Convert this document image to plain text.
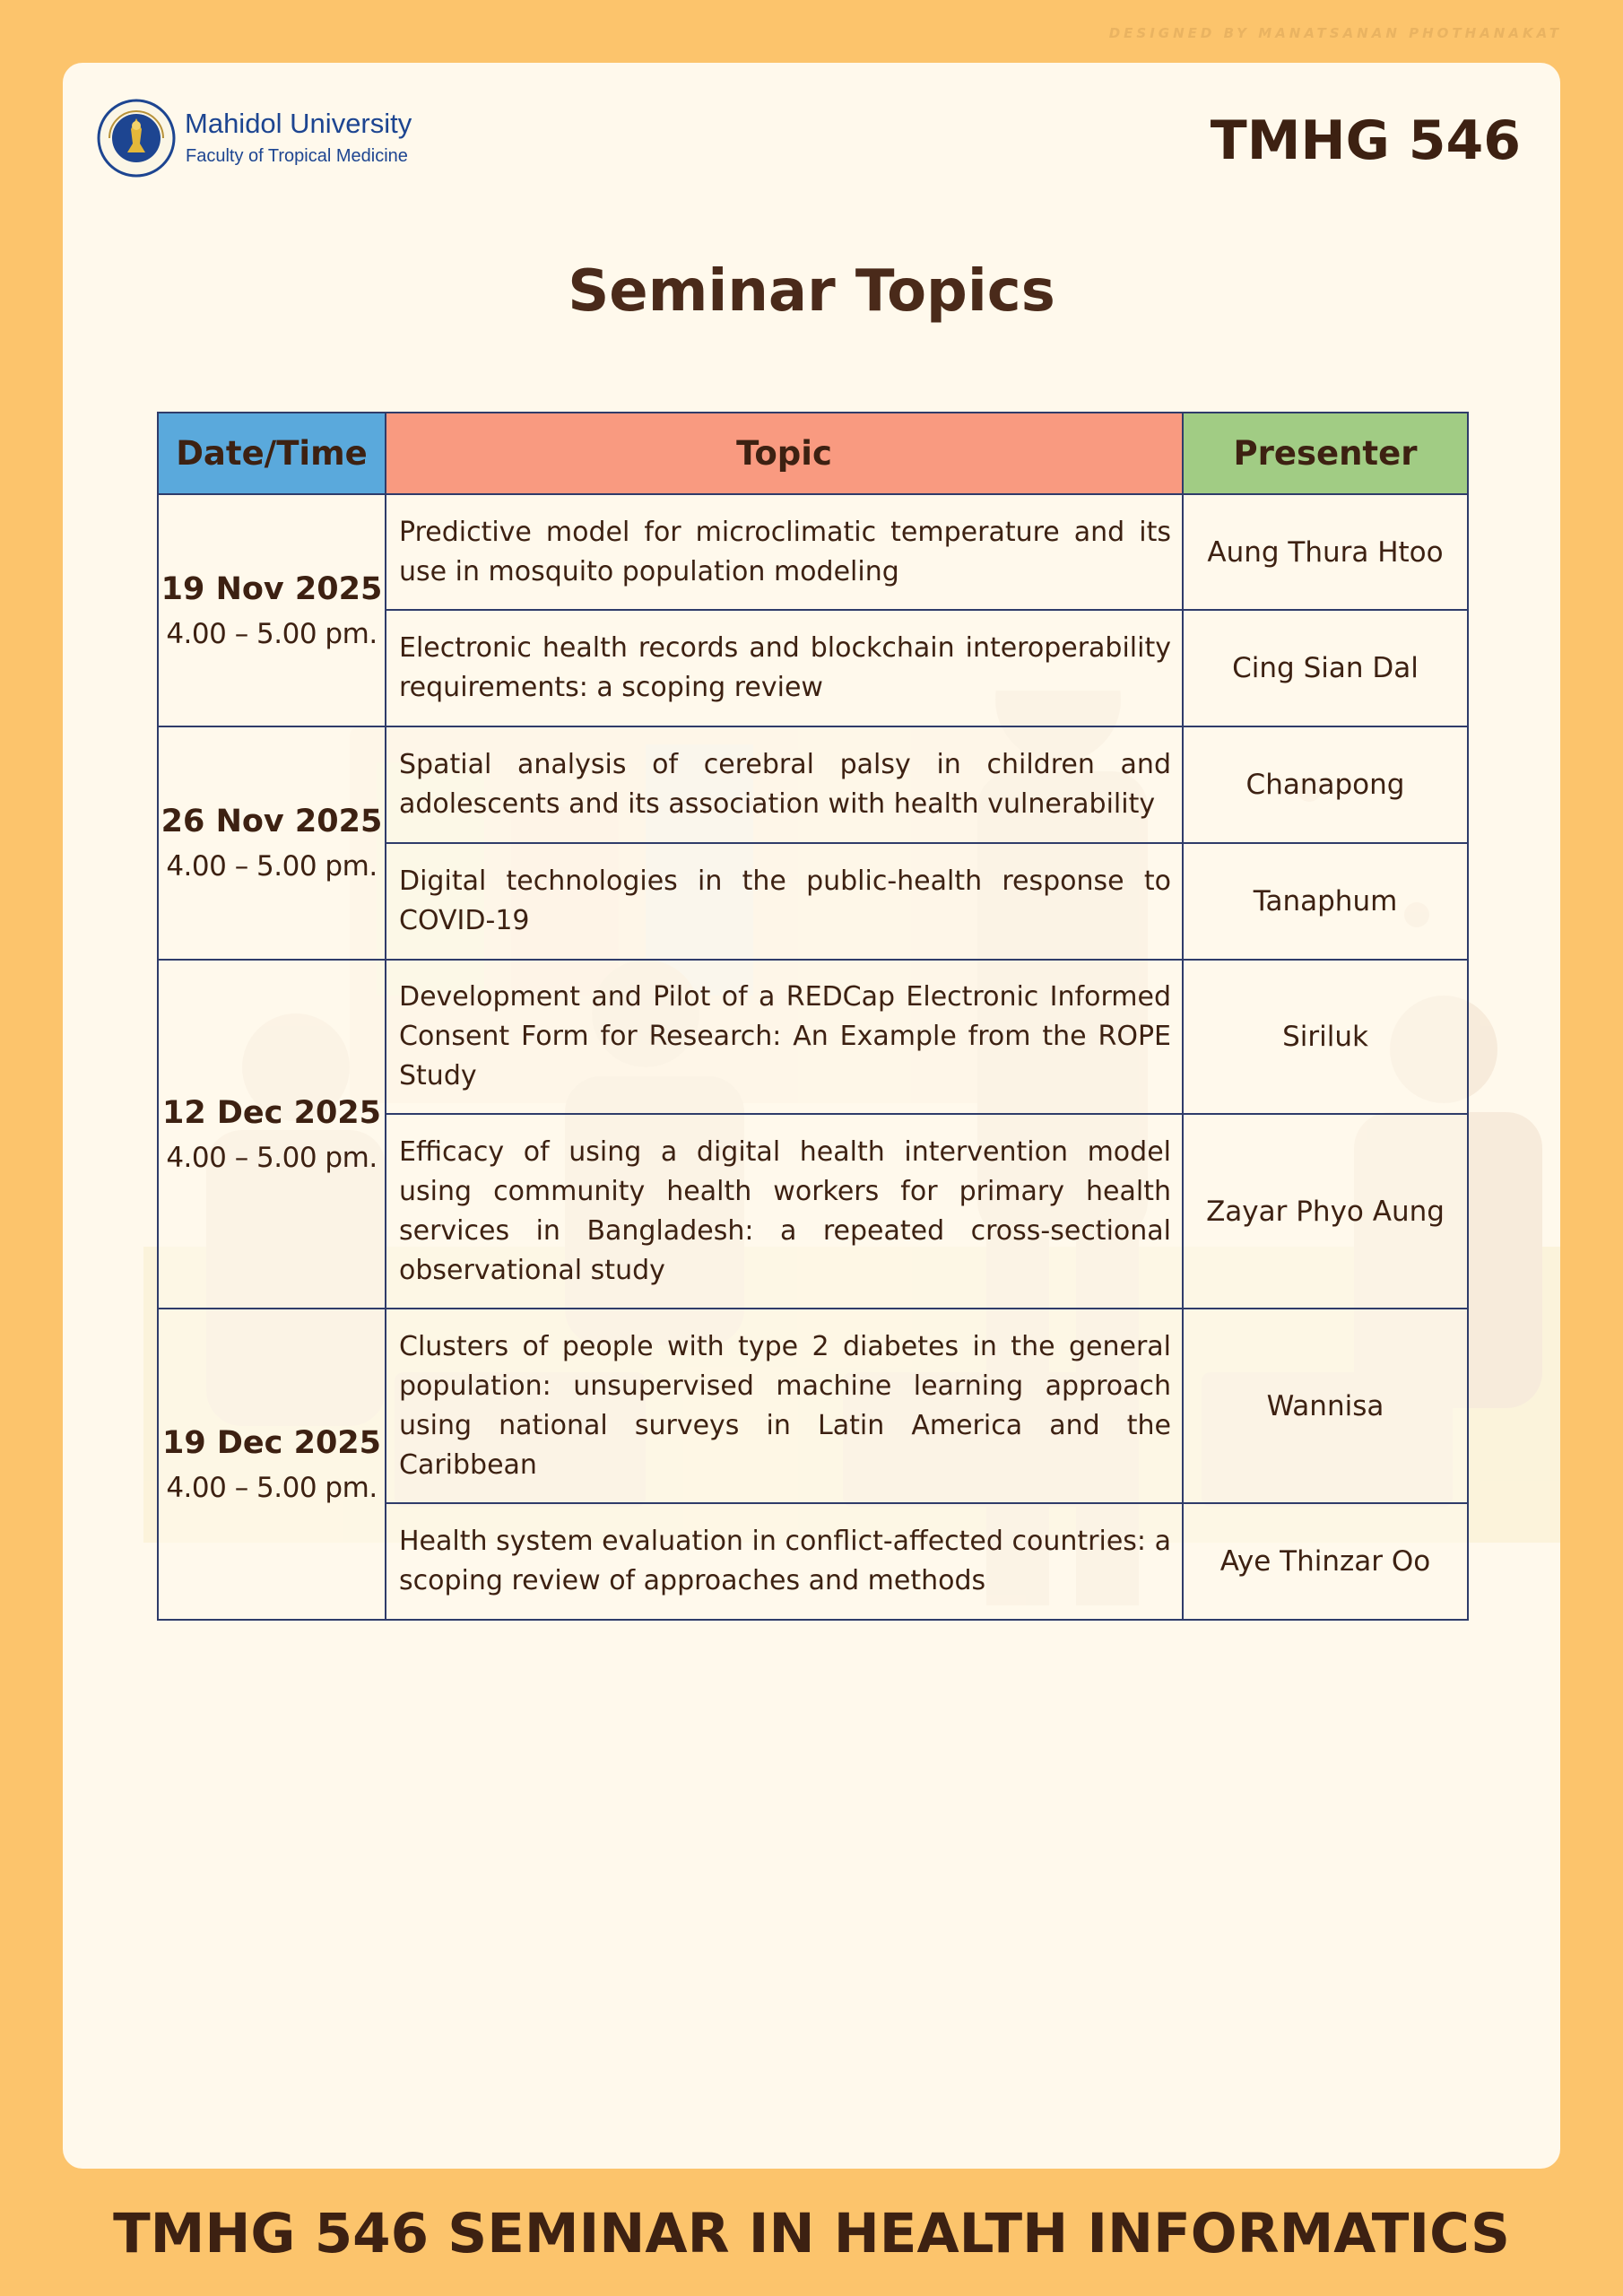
DESIGNED BY MANATSANAN PHOTHANAKAT
Mahidol University
Faculty of Tropical Medicine	TMHG 546
Seminar Topics
Date/Time	Topic	Presenter

19 Nov 2025
4.00 – 5.00 pm.	Predictive model for microclimatic temperature and its use in mosquito population modeling	Aung Thura Htoo
	Electronic health records and blockchain interoperability requirements: a scoping review	Cing Sian Dal

26 Nov 2025
4.00 – 5.00 pm.	Spatial analysis of cerebral palsy in children and adolescents and its association with health vulnerability	Chanapong
	Digital technologies in the public-health response to COVID-19	Tanaphum

12 Dec 2025
4.00 – 5.00 pm.	Development and Pilot of a REDCap Electronic Informed Consent Form for Research: An Example from the ROPE Study	Siriluk
	Efficacy of using a digital health intervention model using community health workers for primary health services in Bangladesh: a repeated cross-sectional observational study	Zayar Phyo Aung

19 Dec 2025
4.00 – 5.00 pm.	Clusters of people with type 2 diabetes in the general population: unsupervised machine learning approach using national surveys in Latin America and the Caribbean	Wannisa
	Health system evaluation in conflict-affected countries: a scoping review of approaches and methods	Aye Thinzar Oo
TMHG 546 SEMINAR IN HEALTH INFORMATICS
